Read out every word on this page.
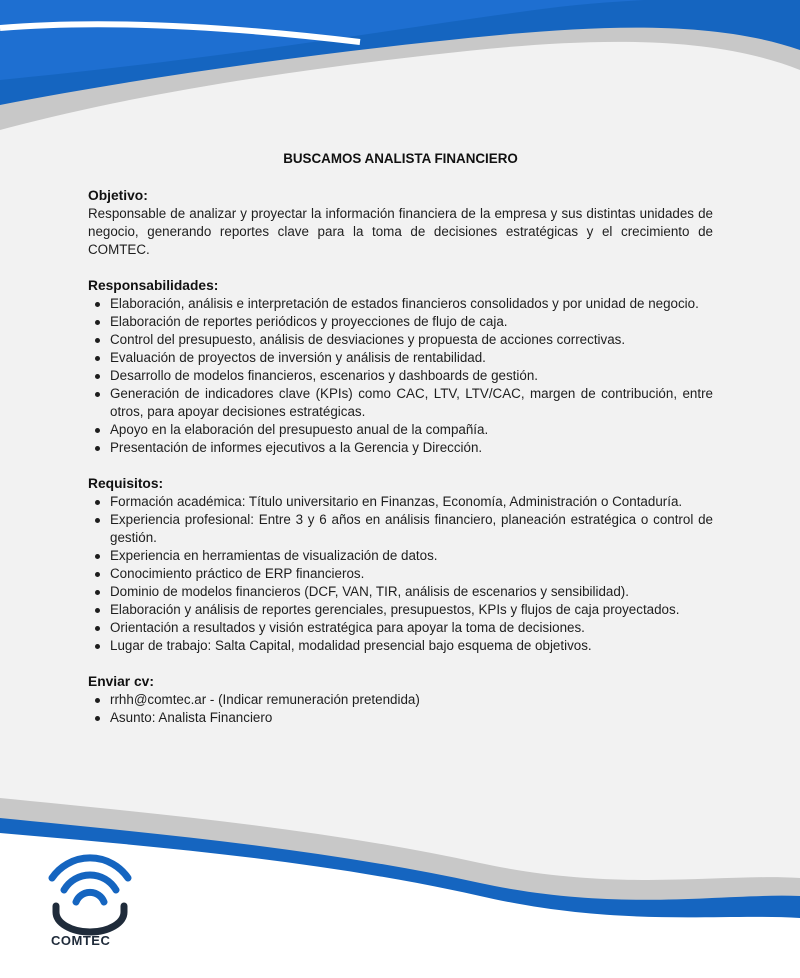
BUSCAMOS ANALISTA FINANCIERO

Objetivo:

Responsable de analizar y proyectar la información financiera de la empresa y sus distintas unidades de negocio, generando reportes clave para la toma de decisiones estratégicas y el crecimiento de COMTEC.

Responsabilidades:

Elaboración, análisis e interpretación de estados financieros consolidados y por unidad de negocio.
Elaboración de reportes periódicos y proyecciones de flujo de caja.
Control del presupuesto, análisis de desviaciones y propuesta de acciones correctivas.
Evaluación de proyectos de inversión y análisis de rentabilidad.
Desarrollo de modelos financieros, escenarios y dashboards de gestión.
Generación de indicadores clave (KPIs) como CAC, LTV, LTV/CAC, margen de contribución, entre otros, para apoyar decisiones estratégicas.
Apoyo en la elaboración del presupuesto anual de la compañía.
Presentación de informes ejecutivos a la Gerencia y Dirección.

Requisitos:

Formación académica: Título universitario en Finanzas, Economía, Administración o Contaduría.
Experiencia profesional: Entre 3 y 6 años en análisis financiero, planeación estratégica o control de gestión.
Experiencia en herramientas de visualización de datos.
Conocimiento práctico de ERP financieros.
Dominio de modelos financieros (DCF, VAN, TIR, análisis de escenarios y sensibilidad).
Elaboración y análisis de reportes gerenciales, presupuestos, KPIs y flujos de caja proyectados.
Orientación a resultados y visión estratégica para apoyar la toma de decisiones.
Lugar de trabajo: Salta Capital, modalidad presencial bajo esquema de objetivos.

Enviar cv:

rrhh@comtec.ar - (Indicar remuneración pretendida)
Asunto: Analista Financiero
COMTEC
